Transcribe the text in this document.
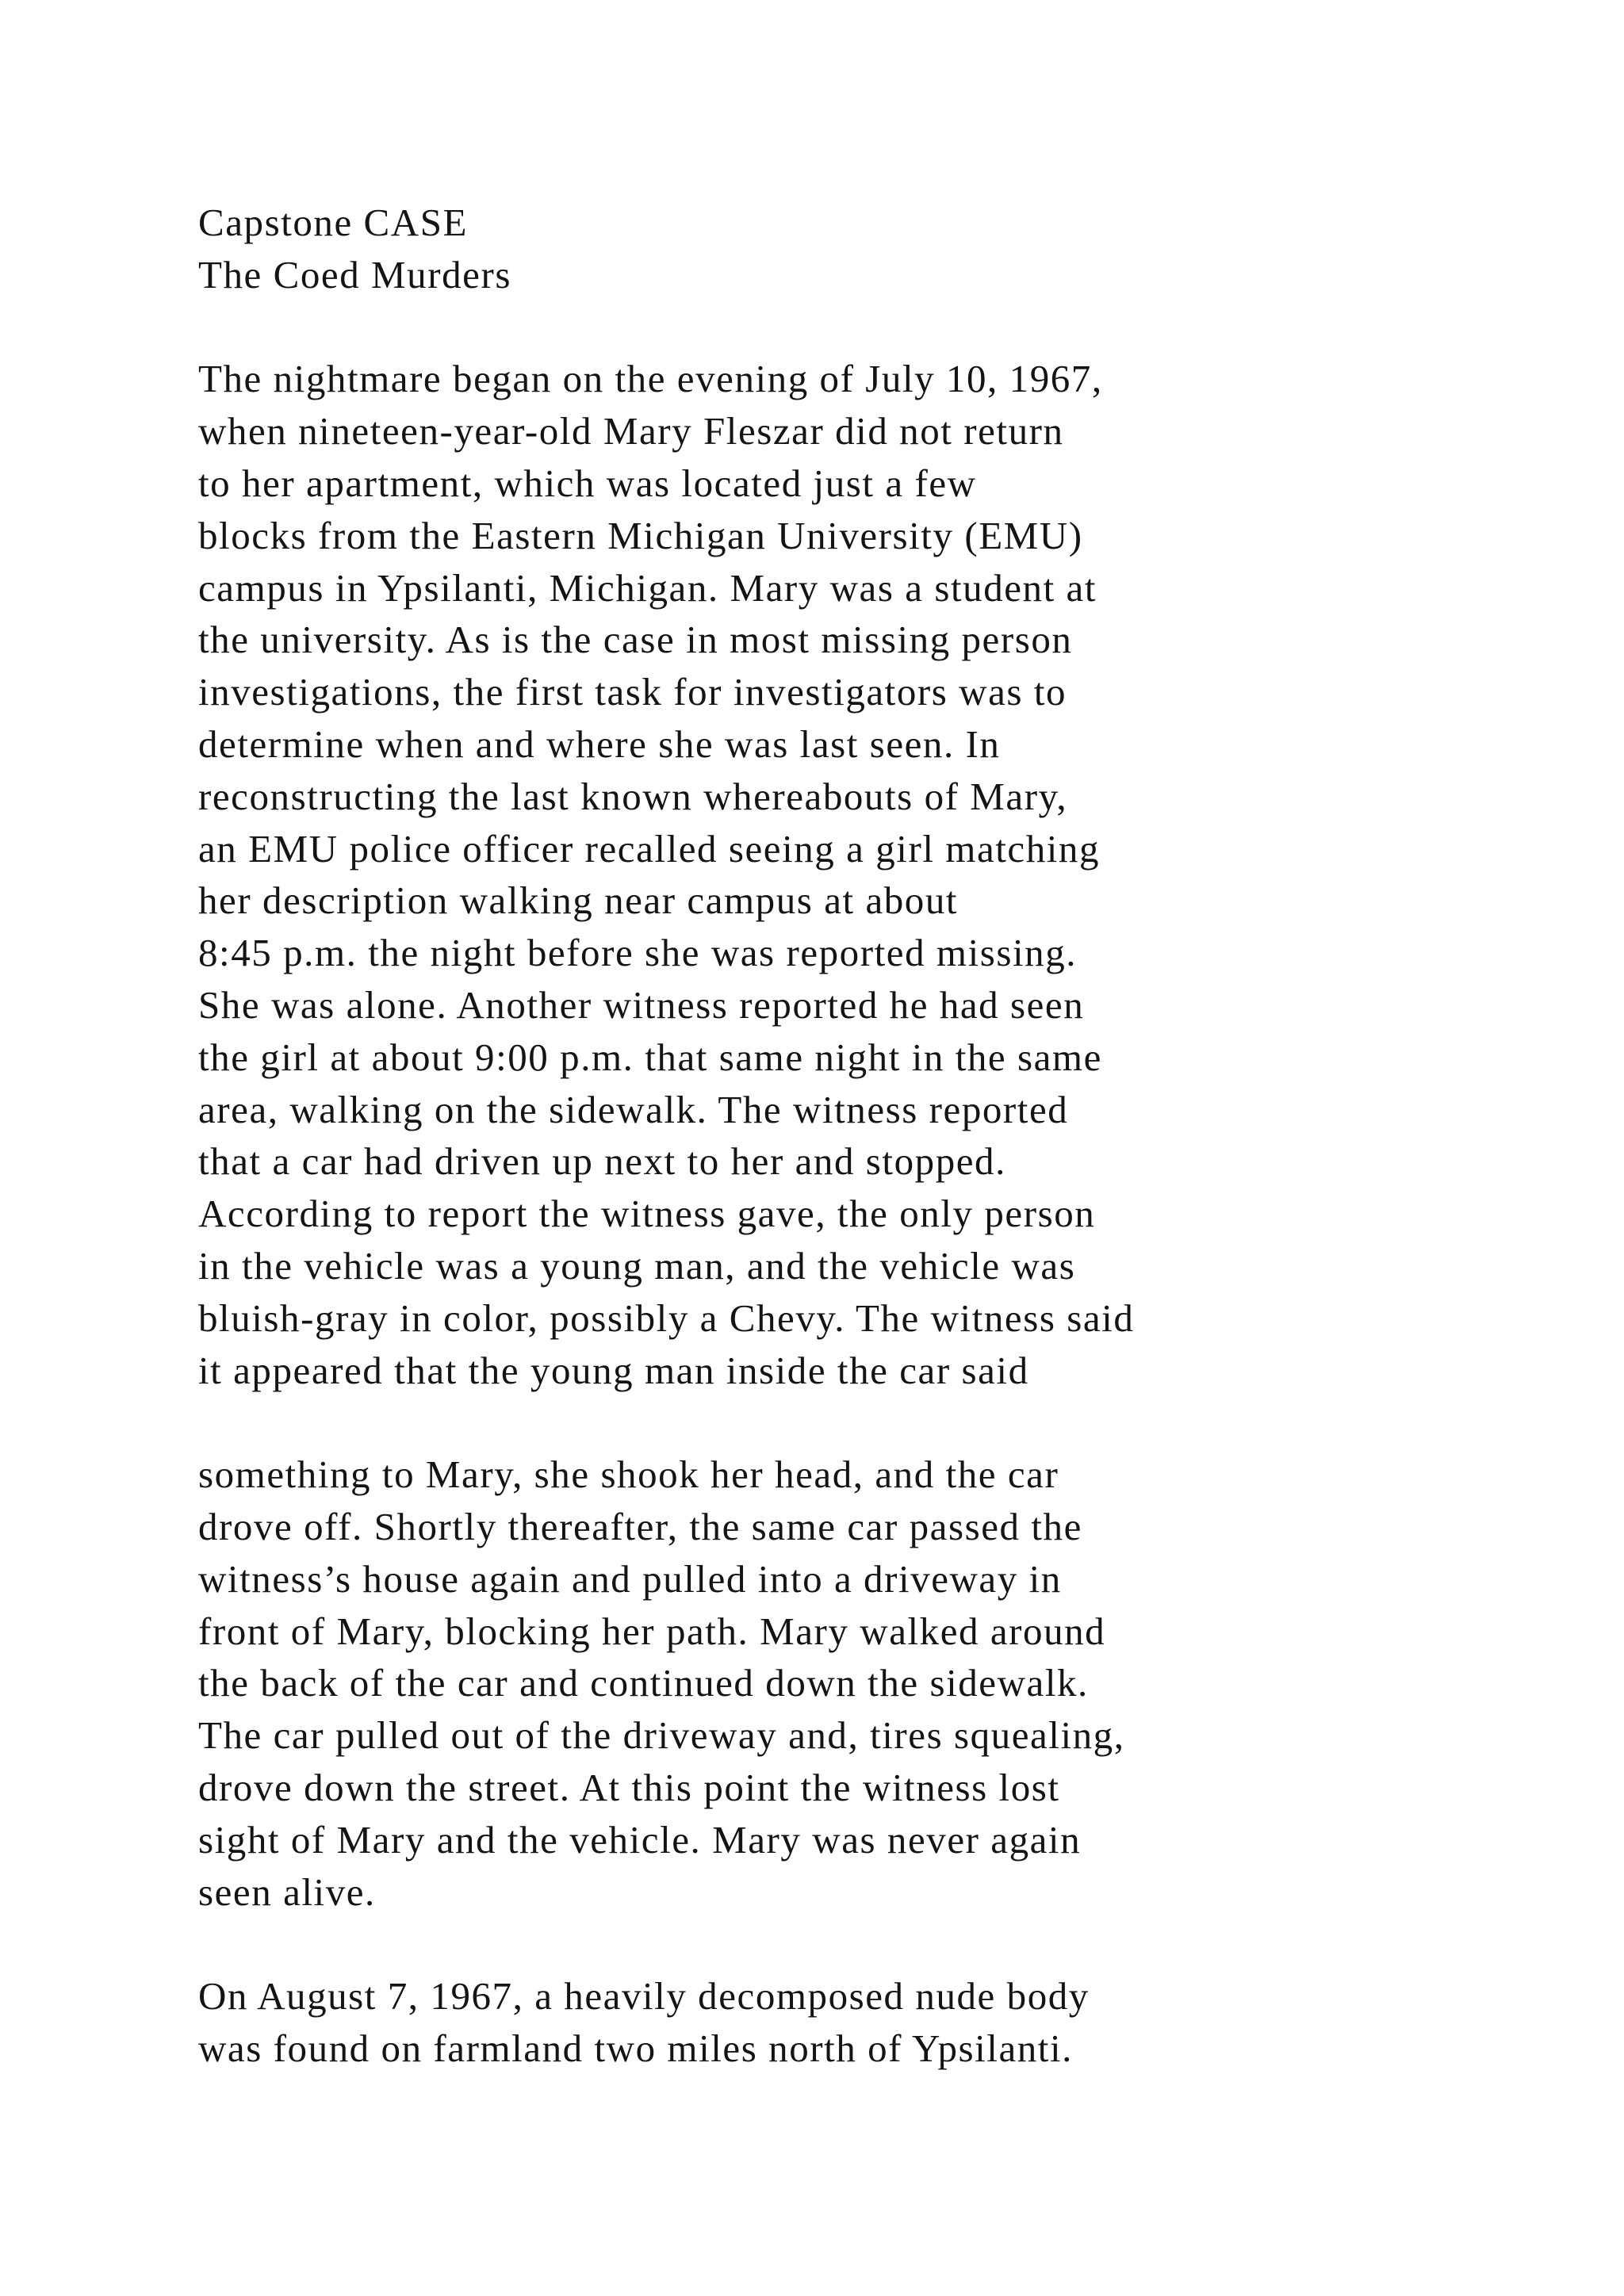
Capstone CASE
The Coed Murders
The nightmare began on the evening of July 10, 1967,
when nineteen-year-old Mary Fleszar did not return
to her apartment, which was located just a few
blocks from the Eastern Michigan University (EMU)
campus in Ypsilanti, Michigan. Mary was a student at
the university. As is the case in most missing person
investigations, the first task for investigators was to
determine when and where she was last seen. In
reconstructing the last known whereabouts of Mary,
an EMU police officer recalled seeing a girl matching
her description walking near campus at about
8:45 p.m. the night before she was reported missing.
She was alone. Another witness reported he had seen
the girl at about 9:00 p.m. that same night in the same
area, walking on the sidewalk. The witness reported
that a car had driven up next to her and stopped.
According to report the witness gave, the only person
in the vehicle was a young man, and the vehicle was
bluish-gray in color, possibly a Chevy. The witness said
it appeared that the young man inside the car said
something to Mary, she shook her head, and the car
drove off. Shortly thereafter, the same car passed the
witness’s house again and pulled into a driveway in
front of Mary, blocking her path. Mary walked around
the back of the car and continued down the sidewalk.
The car pulled out of the driveway and, tires squealing,
drove down the street. At this point the witness lost
sight of Mary and the vehicle. Mary was never again
seen alive.
On August 7, 1967, a heavily decomposed nude body
was found on farmland two miles north of Ypsilanti.
